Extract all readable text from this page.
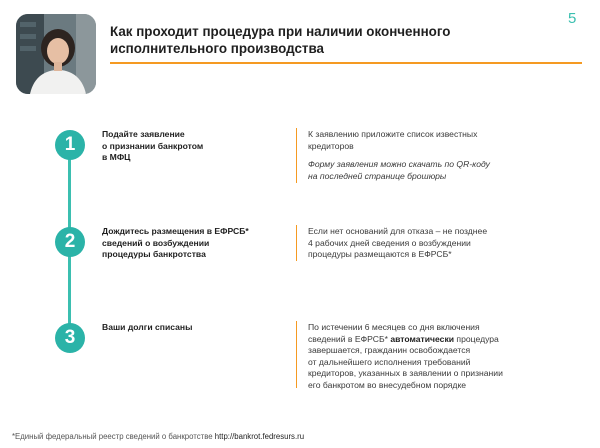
Как проходит процедура при наличии оконченного исполнительного производства
5
1	Подайте заявление
о признании банкротом
в МФЦ
К заявлению приложите список известных
кредиторов
Форму заявления можно скачать по QR-коду
на последней странице брошюры
2	Дождитесь размещения в ЕФРСБ*
сведений о возбуждении
процедуры банкротства
Если нет оснований для отказа – не позднее
4 рабочих дней сведения о возбуждении
процедуры размещаются в ЕФРСБ*
3	Ваши долги списаны	По истечении 6 месяцев со дня включения
сведений в ЕФРСБ* автоматически процедура
завершается, гражданин освобождается
от дальнейшего исполнения требований
кредиторов, указанных в заявлении о признании
его банкротом во внесудебном порядке
*Единый федеральный реестр сведений о банкротстве http://bankrot.fedresurs.ru
